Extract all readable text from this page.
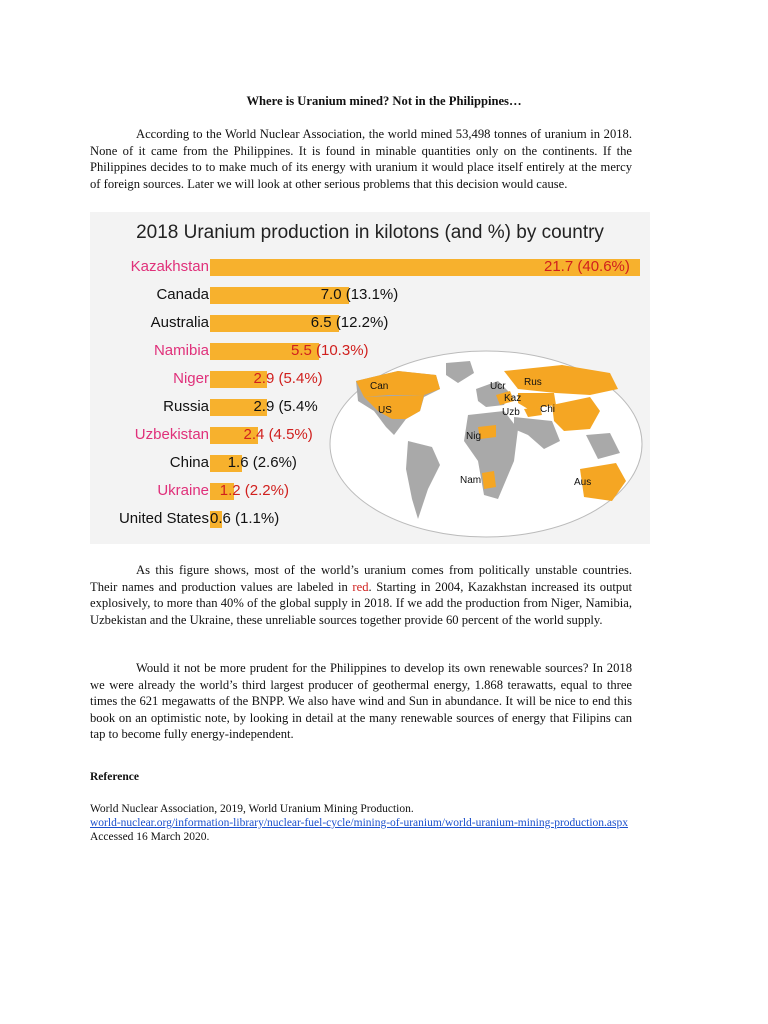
Where is Uranium mined? Not in the Philippines…
According to the World Nuclear Association, the world mined 53,498 tonnes of uranium in 2018. None of it came from the Philippines. It is found in minable quantities only on the continents. If the Philippines decides to to make much of its energy with uranium it would place itself entirely at the mercy of foreign sources. Later we will look at other serious problems that this decision would cause.
2018 Uranium production in kilotons (and %) by country
Kazakhstan	21.7 (40.6%)
Canada	7.0 (13.1%)
Australia	6.5 (12.2%)
Namibia	5.5 (10.3%)
Niger	2.9 (5.4%)
Russia	2.9 (5.4%
Uzbekistan 2.4 (4.5%)
China 1.6 (2.6%)
Ukraine 1.2 (2.2%)
United States 0.6 (1.1%)
Can
US
Ucr Rus
Kaz
Uzb Chi
Nig
Nam	Aus
As this figure shows, most of the world’s uranium comes from politically unstable countries. Their names and production values are labeled in red. Starting in 2004, Kazakhstan increased its output explosively, to more than 40% of the global supply in 2018. If we add the production from Niger, Namibia, Uzbekistan and the Ukraine, these unreliable sources together provide 60 percent of the world supply.
Would it not be more prudent for the Philippines to develop its own renewable sources? In 2018 we were already the world’s third largest producer of geothermal energy, 1.868 terawatts, equal to three times the 621 megawatts of the BNPP. We also have wind and Sun in abundance. It will be nice to end this book on an optimistic note, by looking in detail at the many renewable sources of energy that Filipins can tap to become fully energy-independent.
Reference
World Nuclear Association, 2019, World Uranium Mining Production.
world-nuclear.org/information-library/nuclear-fuel-cycle/mining-of-uranium/world-uranium-mining-production.aspx
Accessed 16 March 2020.
